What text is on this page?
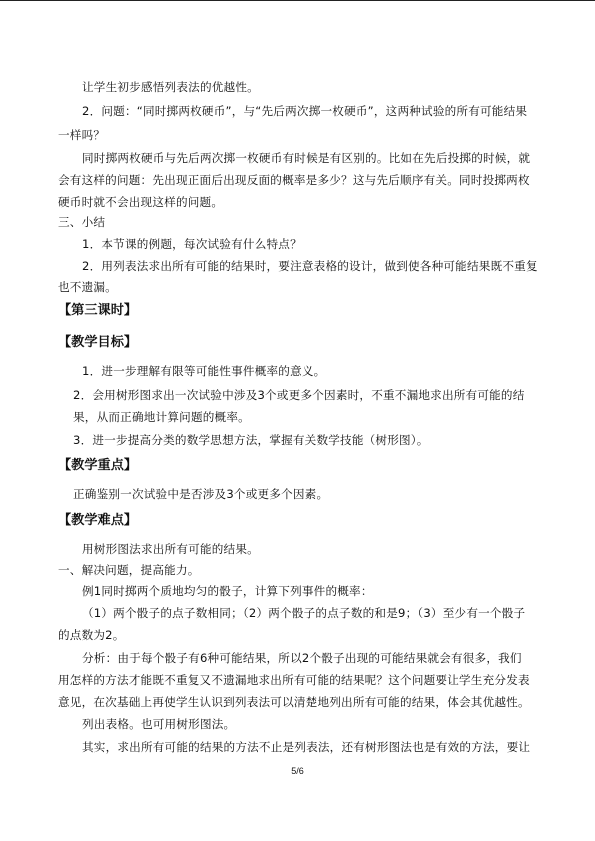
让学生初步感悟列表法的优越性。
2．问题：“同时掷两枚硬币”，与“先后两次掷一枚硬币”，这两种试验的所有可能结果
一样吗？
同时掷两枚硬币与先后两次掷一枚硬币有时候是有区别的。比如在先后投掷的时候，就
会有这样的问题：先出现正面后出现反面的概率是多少？这与先后顺序有关。同时投掷两枚
硬币时就不会出现这样的问题。
三、小结
1．本节课的例题，每次试验有什么特点？
2．用列表法求出所有可能的结果时，要注意表格的设计，做到使各种可能结果既不重复
也不遗漏。
【第三课时】
【教学目标】
1．进一步理解有限等可能性事件概率的意义。
2．会用树形图求出一次试验中涉及3个或更多个因素时，不重不漏地求出所有可能的结
果，从而正确地计算问题的概率。
3．进一步提高分类的数学思想方法，掌握有关数学技能（树形图）。
【教学重点】
正确鉴别一次试验中是否涉及3个或更多个因素。
【教学难点】
用树形图法求出所有可能的结果。
一、解决问题，提高能力。
例1同时掷两个质地均匀的骰子，计算下列事件的概率：
（1）两个骰子的点子数相同；（2）两个骰子的点子数的和是9；（3）至少有一个骰子
的点数为2。
分析：由于每个骰子有6种可能结果，所以2个骰子出现的可能结果就会有很多，我们
用怎样的方法才能既不重复又不遗漏地求出所有可能的结果呢？这个问题要让学生充分发表
意见，在次基础上再使学生认识到列表法可以清楚地列出所有可能的结果，体会其优越性。
列出表格。也可用树形图法。
其实，求出所有可能的结果的方法不止是列表法，还有树形图法也是有效的方法，要让
5/6
